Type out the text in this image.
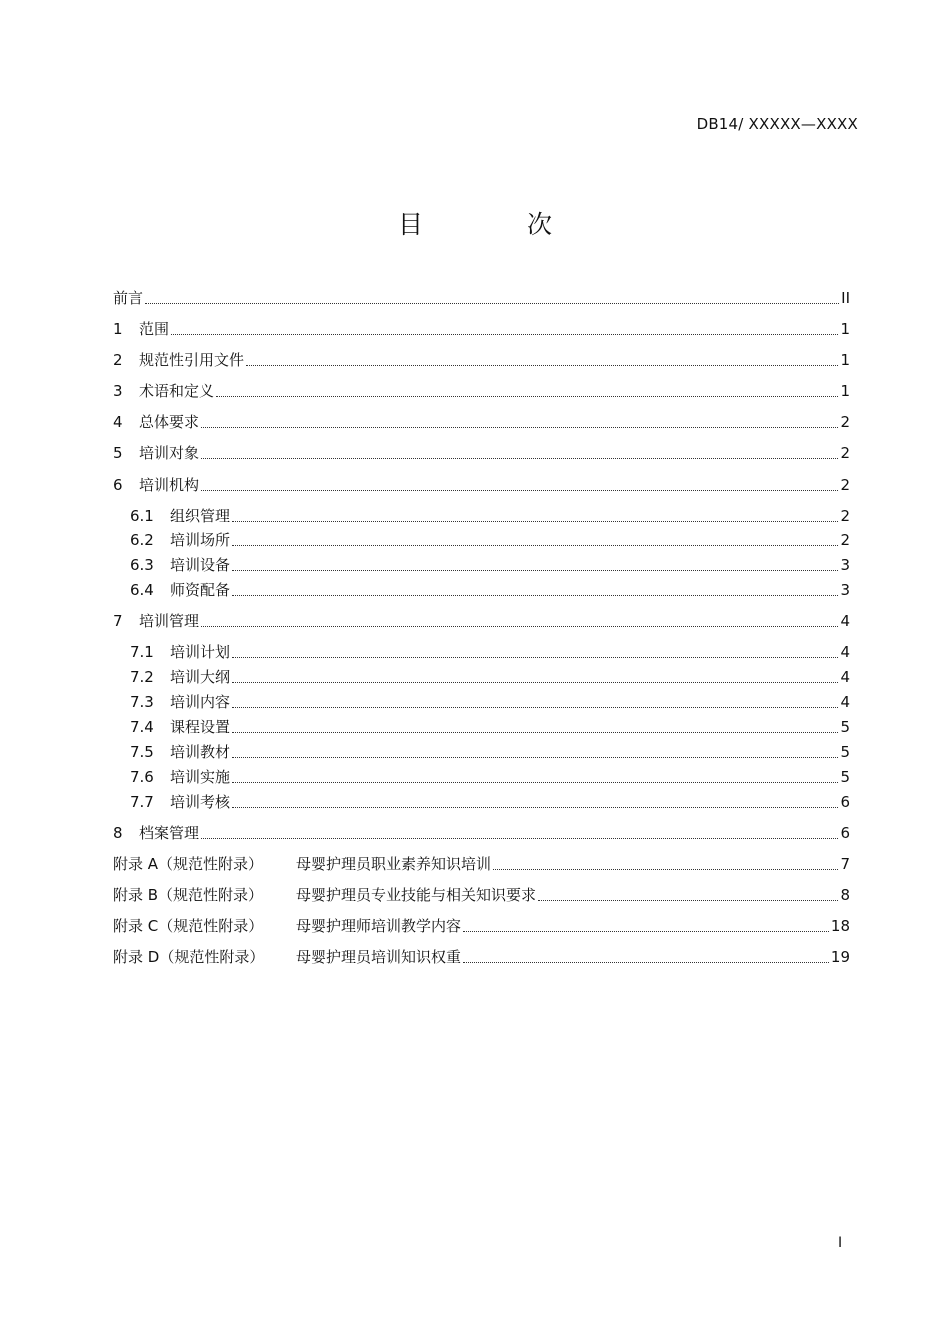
DB14/ XXXXX—XXXX
目 次
前言	II
1	范围	1
2	规范性引用文件	1
3	术语和定义	1
4	总体要求	2
5	培训对象	2
6	培训机构	2
6.1	组织管理	2
6.2	培训场所	2
6.3	培训设备	3
6.4	师资配备	3
7	培训管理	4
7.1	培训计划	4
7.2	培训大纲	4
7.3	培训内容	4
7.4	课程设置	5
7.5	培训教材	5
7.6	培训实施	5
7.7	培训考核	6
8	档案管理	6
附录 A（规范性附录）	母婴护理员职业素养知识培训	7
附录 B（规范性附录）	母婴护理员专业技能与相关知识要求	8
附录 C（规范性附录）	母婴护理师培训教学内容	18
附录 D（规范性附录）	母婴护理员培训知识权重	19
I
